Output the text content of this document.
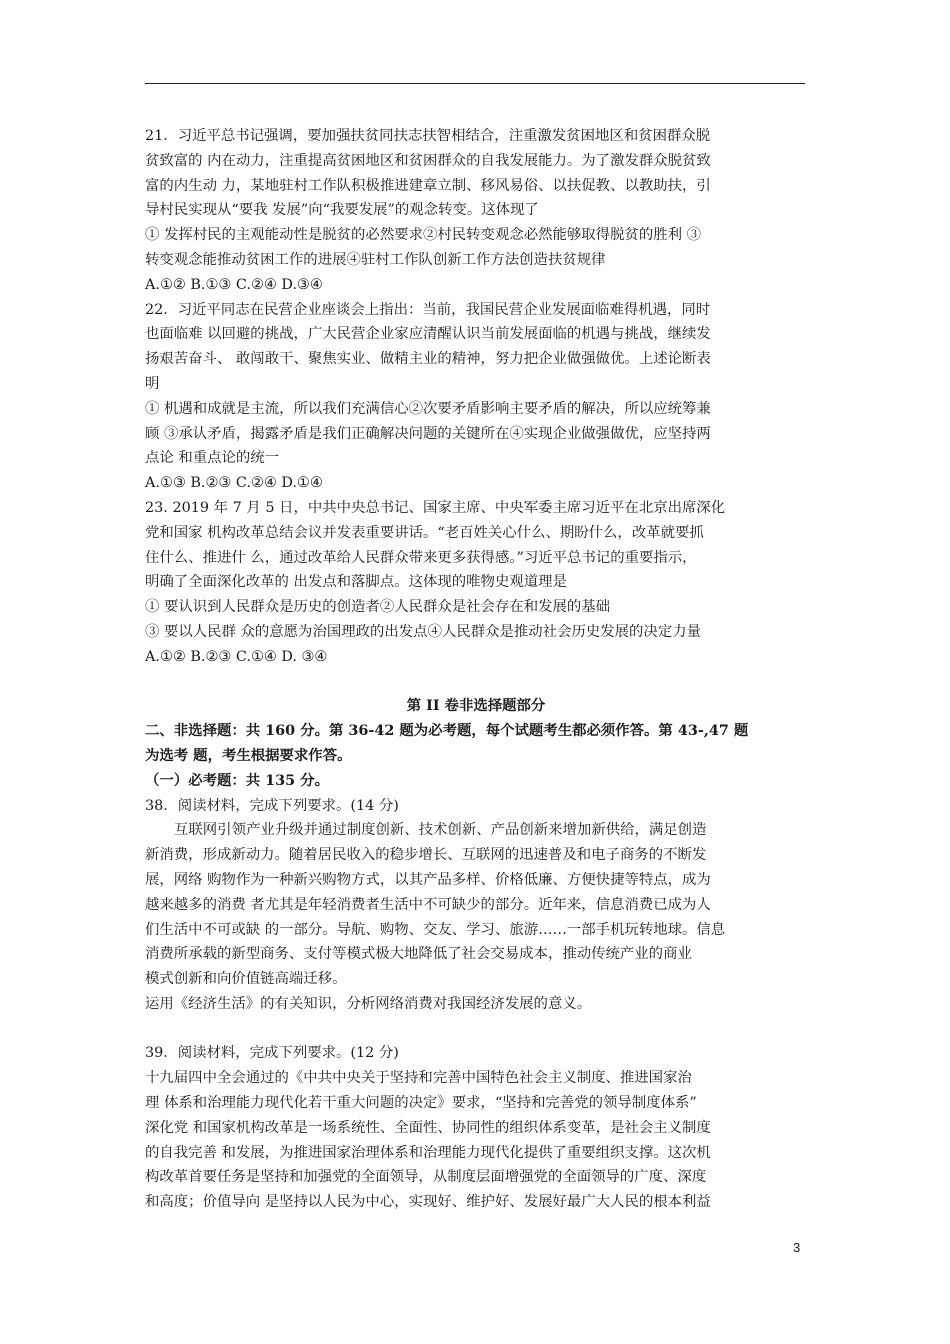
21．习近平总书记强调，要加强扶贫同扶志扶智相结合，注重激发贫困地区和贫困群众脱
贫致富的 内在动力，注重提高贫困地区和贫困群众的自我发展能力。为了激发群众脱贫致
富的内生动 力，某地驻村工作队积极推进建章立制、移风易俗、以扶促教、以教助扶，引
导村民实现从“要我 发展”向“我要发展”的观念转变。这体现了
① 发挥村民的主观能动性是脱贫的必然要求②村民转变观念必然能够取得脱贫的胜利 ③
转变观念能推动贫困工作的进展④驻村工作队创新工作方法创造扶贫规律
A.①② B.①③ C.②④ D.③④
22．习近平同志在民营企业座谈会上指出：当前，我国民营企业发展面临难得机遇，同时
也面临难 以回避的挑战，广大民营企业家应清醒认识当前发展面临的机遇与挑战，继续发
扬艰苦奋斗、 敢闯敢干、聚焦实业、做精主业的精神，努力把企业做强做优。上述论断表
明
① 机遇和成就是主流，所以我们充满信心②次要矛盾影响主要矛盾的解决，所以应统筹兼
顾 ③承认矛盾，揭露矛盾是我们正确解决问题的关键所在④实现企业做强做优，应坚持两
点论 和重点论的统一
A.①③ B.②③ C.②④ D.①④
23. 2019 年 7 月 5 日，中共中央总书记、国家主席、中央军委主席习近平在北京出席深化
党和国家 机构改革总结会议并发表重要讲话。“老百姓关心什么、期盼什么，改革就要抓
住什么、推进什 么，通过改革给人民群众带来更多获得感。”习近平总书记的重要指示，
明确了全面深化改革的 出发点和落脚点。这体现的唯物史观道理是
① 要认识到人民群众是历史的创造者②人民群众是社会存在和发展的基础
③ 要以人民群 众的意愿为治国理政的出发点④人民群众是推动社会历史发展的决定力量
A.①② B.②③ C.①④ D. ③④
第 II 卷非选择题部分
二、非选择题：共 160 分。第 36-42 题为必考题，每个试题考生都必须作答。第 43-,47 题
为选考 题，考生根据要求作答。
（一）必考题：共 135 分。
38．阅读材料，完成下列要求。(14 分)
互联网引领产业升级并通过制度创新、技术创新、产品创新来增加新供给，满足创造
新消费，形成新动力。随着居民收入的稳步增长、互联网的迅速普及和电子商务的不断发
展，网络 购物作为一种新兴购物方式，以其产品多样、价格低廉、方便快捷等特点，成为
越来越多的消费 者尤其是年轻消费者生活中不可缺少的部分。近年来，信息消费已成为人
们生活中不可或缺 的一部分。导航、购物、交友、学习、旅游……一部手机玩转地球。信息
消费所承载的新型商务、支付等模式极大地降低了社会交易成本，推动传统产业的商业
模式创新和向价值链高端迁移。
运用《经济生活》的有关知识，分析网络消费对我国经济发展的意义。
39．阅读材料，完成下列要求。(12 分)
十九届四中全会通过的《中共中央关于坚持和完善中国特色社会主义制度、推进国家治
理 体系和治理能力现代化若干重大问题的决定》要求，“坚持和完善党的领导制度体系”
深化党 和国家机构改革是一场系统性、全面性、协同性的组织体系变革，是社会主义制度
的自我完善 和发展，为推进国家治理体系和治理能力现代化提供了重要组织支撑。这次机
构改革首要任务是坚持和加强党的全面领导，从制度层面增强党的全面领导的广度、深度
和高度；价值导向 是坚持以人民为中心，实现好、维护好、发展好最广大人民的根本利益
3
